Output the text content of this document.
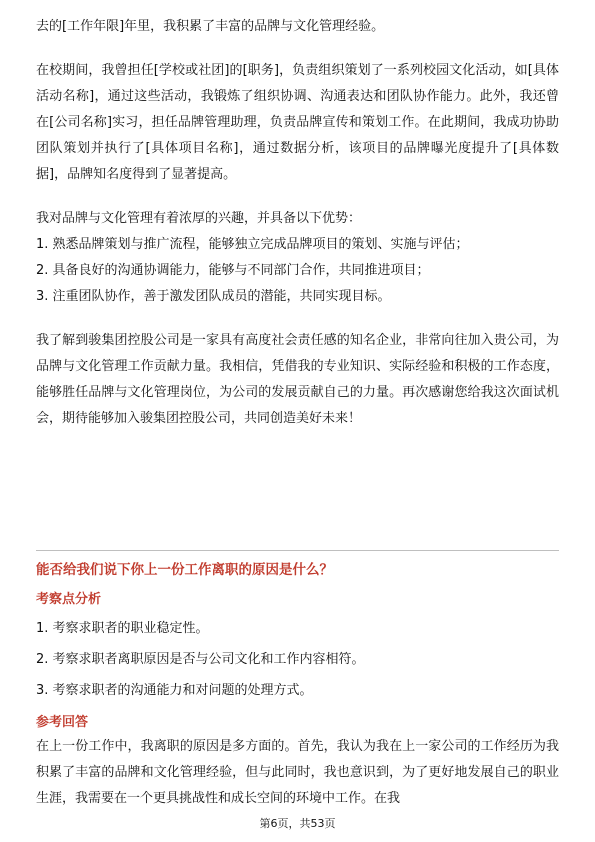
去的[工作年限]年里，我积累了丰富的品牌与文化管理经验。

在校期间，我曾担任[学校或社团]的[职务]，负责组织策划了一系列校园文化活动，如[具体活动名称]，通过这些活动，我锻炼了组织协调、沟通表达和团队协作能力。此外，我还曾在[公司名称]实习，担任品牌管理助理，负责品牌宣传和策划工作。在此期间，我成功协助团队策划并执行了[具体项目名称]，通过数据分析，该项目的品牌曝光度提升了[具体数据]，品牌知名度得到了显著提高。

我对品牌与文化管理有着浓厚的兴趣，并具备以下优势：

1. 熟悉品牌策划与推广流程，能够独立完成品牌项目的策划、实施与评估；

2. 具备良好的沟通协调能力，能够与不同部门合作，共同推进项目；

3. 注重团队协作，善于激发团队成员的潜能，共同实现目标。

我了解到骏集团控股公司是一家具有高度社会责任感的知名企业，非常向往加入贵公司，为品牌与文化管理工作贡献力量。我相信，凭借我的专业知识、实际经验和积极的工作态度，能够胜任品牌与文化管理岗位，为公司的发展贡献自己的力量。再次感谢您给我这次面试机会，期待能够加入骏集团控股公司，共同创造美好未来！

能否给我们说下你上一份工作离职的原因是什么？

考察点分析

1. 考察求职者的职业稳定性。

2. 考察求职者离职原因是否与公司文化和工作内容相符。

3. 考察求职者的沟通能力和对问题的处理方式。

参考回答

在上一份工作中，我离职的原因是多方面的。首先，我认为我在上一家公司的工作经历为我积累了丰富的品牌和文化管理经验，但与此同时，我也意识到，为了更好地发展自己的职业生涯，我需要在一个更具挑战性和成长空间的环境中工作。在我

第6页，共53页
